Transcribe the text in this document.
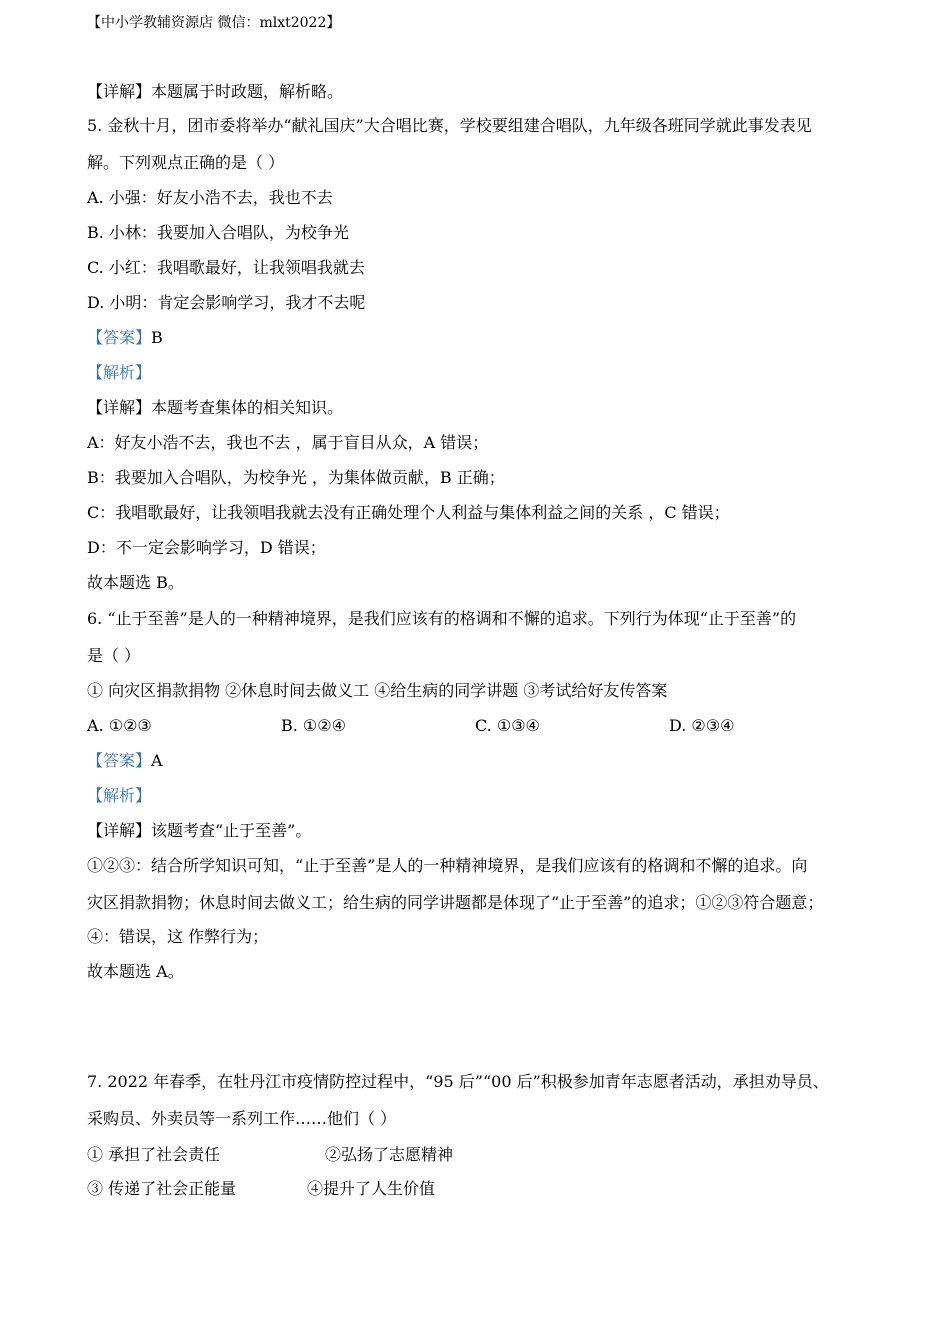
【中小学教辅资源店 微信：mlxt2022】
【详解】本题属于时政题，解析略。
5. 金秋十月，团市委将举办“献礼国庆”大合唱比赛，学校要组建合唱队，九年级各班同学就此事发表见
解。下列观点正确的是（ ）
A. 小强：好友小浩不去，我也不去
B. 小林：我要加入合唱队，为校争光
C. 小红：我唱歌最好，让我领唱我就去
D. 小明：肯定会影响学习，我才不去呢
【答案】B
【解析】
【详解】本题考查集体的相关知识。
A：好友小浩不去，我也不去 ，属于盲目从众，A 错误；
B：我要加入合唱队，为校争光 ，为集体做贡献，B 正确；
C：我唱歌最好，让我领唱我就去没有正确处理个人利益与集体利益之间的关系 ，C 错误；
D：不一定会影响学习，D 错误；
故本题选 B。
6. “止于至善”是人的一种精神境界，是我们应该有的格调和不懈的追求。下列行为体现“止于至善”的
是（ ）
① 向灾区捐款捐物 ②休息时间去做义工 ④给生病的同学讲题 ③考试给好友传答案
A. ①②③	B. ①②④	C. ①③④	D. ②③④
【答案】A
【解析】
【详解】该题考查“止于至善”。
①②③：结合所学知识可知，“止于至善”是人的一种精神境界，是我们应该有的格调和不懈的追求。向
灾区捐款捐物；休息时间去做义工；给生病的同学讲题都是体现了“止于至善”的追求；①②③符合题意；
④：错误，这 作弊行为；
故本题选 A。
7. 2022 年春季，在牡丹江市疫情防控过程中，“95 后”“00 后”积极参加青年志愿者活动，承担劝导员、
采购员、外卖员等一系列工作……他们（ ）
① 承担了社会责任	②弘扬了志愿精神
③ 传递了社会正能量	④提升了人生价值
